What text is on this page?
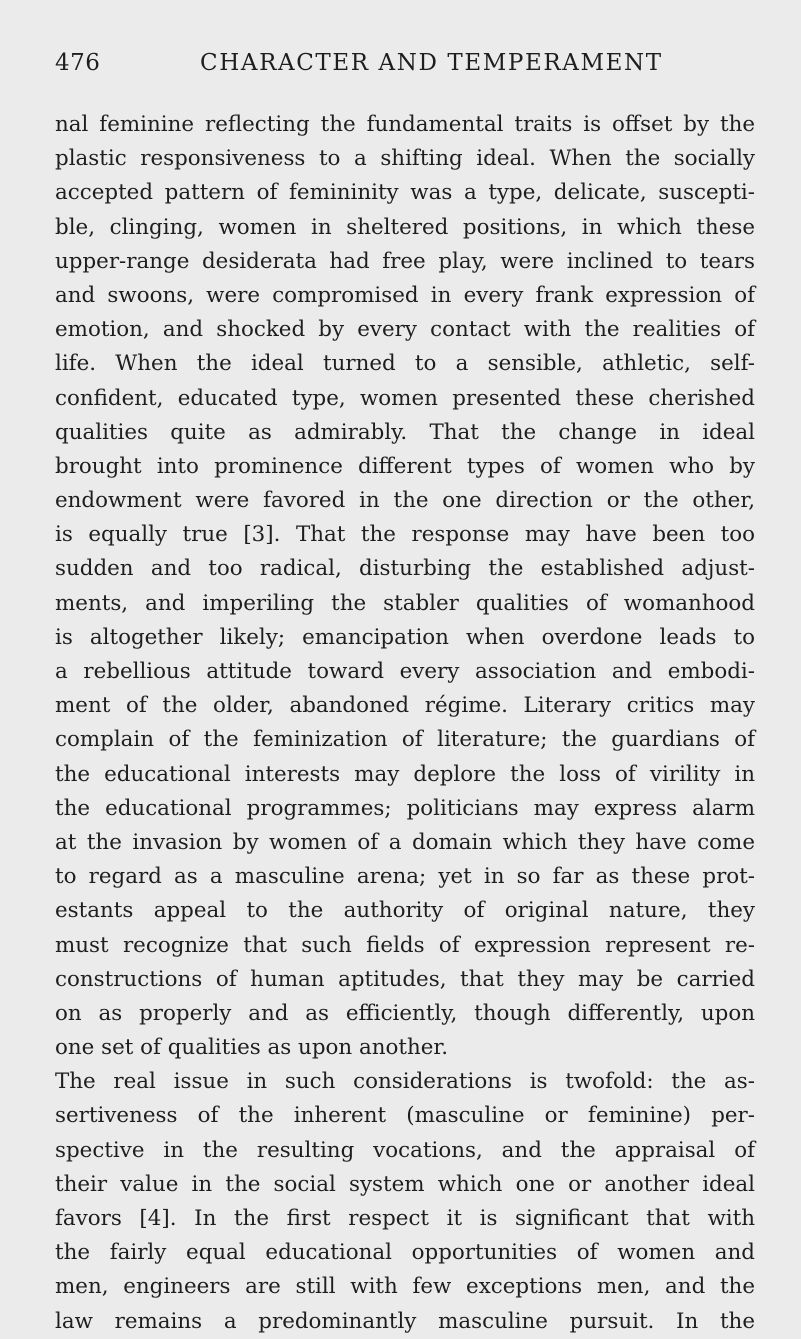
476	CHARACTER AND TEMPERAMENT
nal feminine reflecting the fundamental traits is offset by the
plastic responsiveness to a shifting ideal. When the socially
accepted pattern of femininity was a type, delicate, suscepti-
ble, clinging, women in sheltered positions, in which these
upper-range desiderata had free play, were inclined to tears
and swoons, were compromised in every frank expression of
emotion, and shocked by every contact with the realities of
life. When the ideal turned to a sensible, athletic, self-
confident, educated type, women presented these cherished
qualities quite as admirably. That the change in ideal
brought into prominence different types of women who by
endowment were favored in the one direction or the other,
is equally true [3]. That the response may have been too
sudden and too radical, disturbing the established adjust-
ments, and imperiling the stabler qualities of womanhood
is altogether likely; emancipation when overdone leads to
a rebellious attitude toward every association and embodi-
ment of the older, abandoned régime. Literary critics may
complain of the feminization of literature; the guardians of
the educational interests may deplore the loss of virility in
the educational programmes; politicians may express alarm
at the invasion by women of a domain which they have come
to regard as a masculine arena; yet in so far as these prot-
estants appeal to the authority of original nature, they
must recognize that such fields of expression represent re-
constructions of human aptitudes, that they may be carried
on as properly and as efficiently, though differently, upon
one set of qualities as upon another.
The real issue in such considerations is twofold: the as-
sertiveness of the inherent (masculine or feminine) per-
spective in the resulting vocations, and the appraisal of
their value in the social system which one or another ideal
favors [4]. In the first respect it is significant that with
the fairly equal educational opportunities of women and
men, engineers are still with few exceptions men, and the
law remains a predominantly masculine pursuit. In the
